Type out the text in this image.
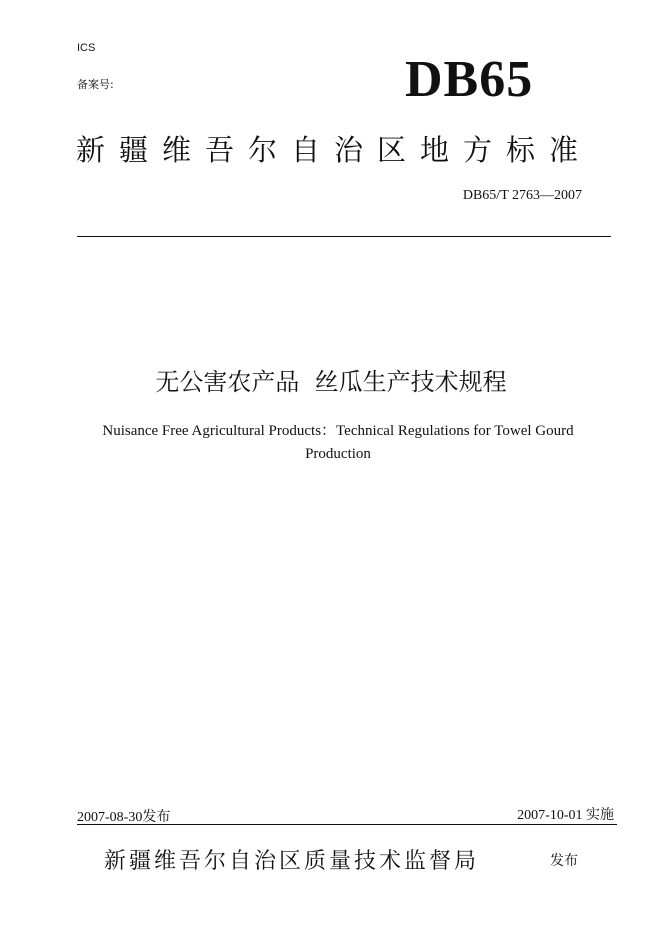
ICS
备案号:	DB65
新疆维吾尔自治区地方标准
DB65/T 2763—2007
无公害农产品  丝瓜生产技术规程
Nuisance Free Agricultural Products：Technical Regulations for Towel Gourd Production
2007-08-30发布	2007-10-01 实施
新疆维吾尔自治区质量技术监督局	发布
